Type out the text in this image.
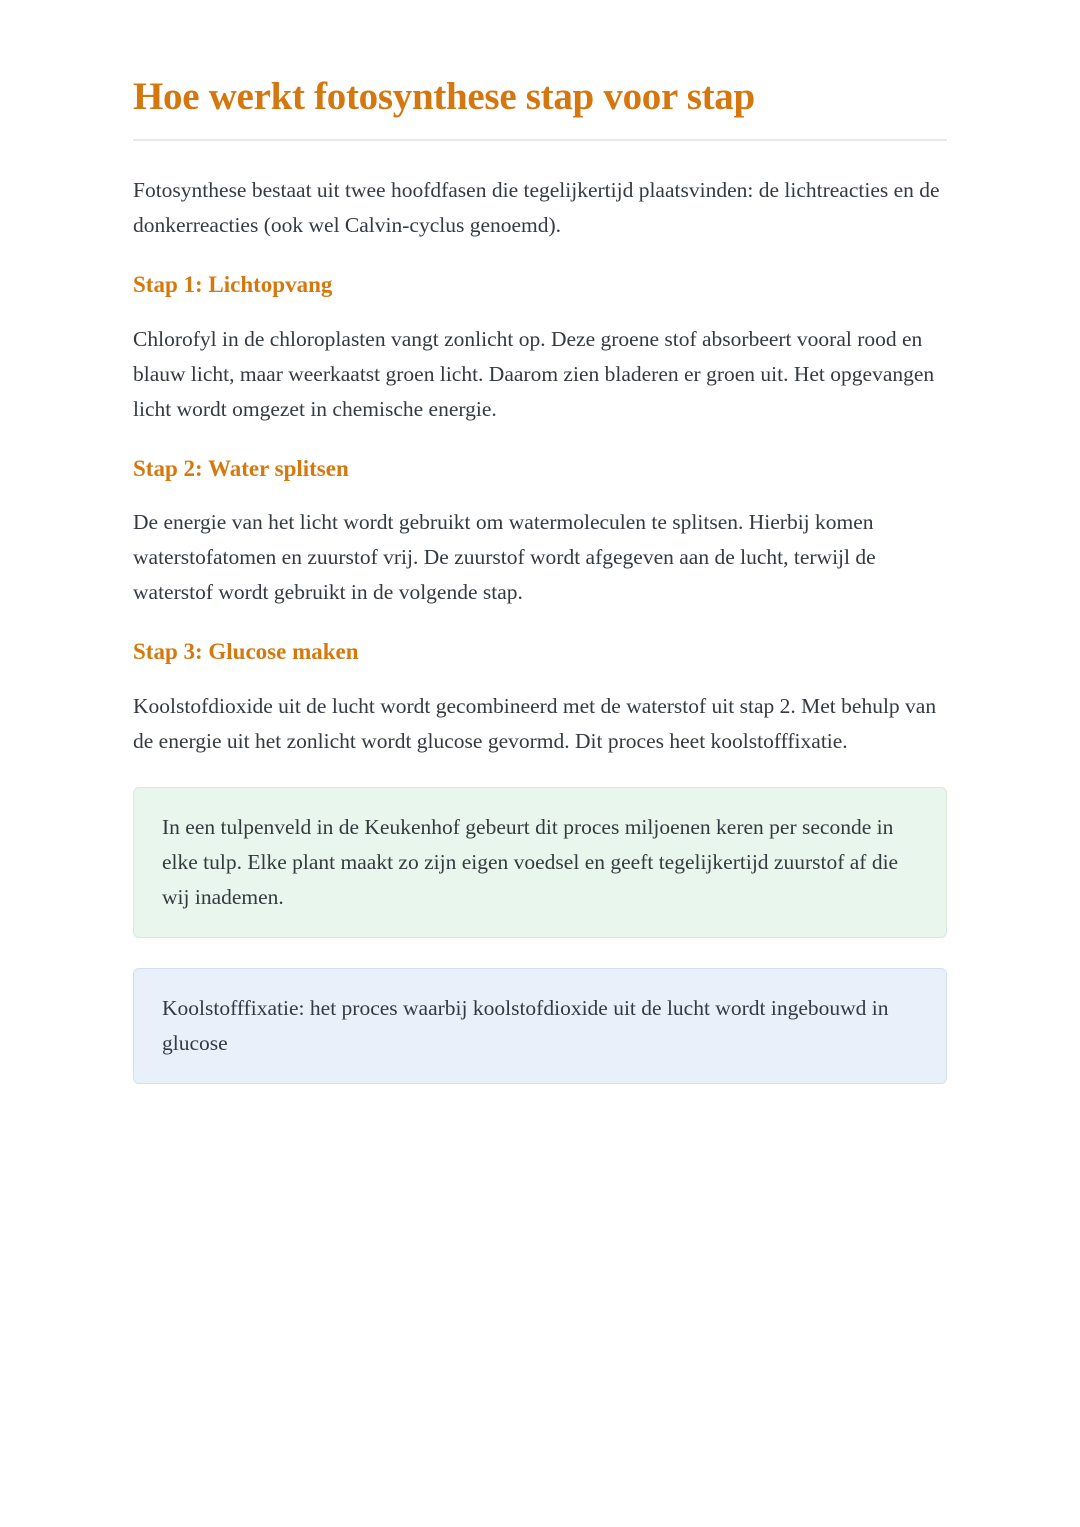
Hoe werkt fotosynthese stap voor stap

Fotosynthese bestaat uit twee hoofdfasen die tegelijkertijd plaatsvinden: de lichtreacties en de donkerreacties (ook wel Calvin-cyclus genoemd).

Stap 1: Lichtopvang

Chlorofyl in de chloroplasten vangt zonlicht op. Deze groene stof absorbeert vooral rood en blauw licht, maar weerkaatst groen licht. Daarom zien bladeren er groen uit. Het opgevangen licht wordt omgezet in chemische energie.

Stap 2: Water splitsen

De energie van het licht wordt gebruikt om watermoleculen te splitsen. Hierbij komen waterstofatomen en zuurstof vrij. De zuurstof wordt afgegeven aan de lucht, terwijl de waterstof wordt gebruikt in de volgende stap.

Stap 3: Glucose maken

Koolstofdioxide uit de lucht wordt gecombineerd met de waterstof uit stap 2. Met behulp van de energie uit het zonlicht wordt glucose gevormd. Dit proces heet koolstofffixatie.

In een tulpenveld in de Keukenhof gebeurt dit proces miljoenen keren per seconde in elke tulp. Elke plant maakt zo zijn eigen voedsel en geeft tegelijkertijd zuurstof af die wij inademen.
Koolstofffixatie: het proces waarbij koolstofdioxide uit de lucht wordt ingebouwd in glucose
